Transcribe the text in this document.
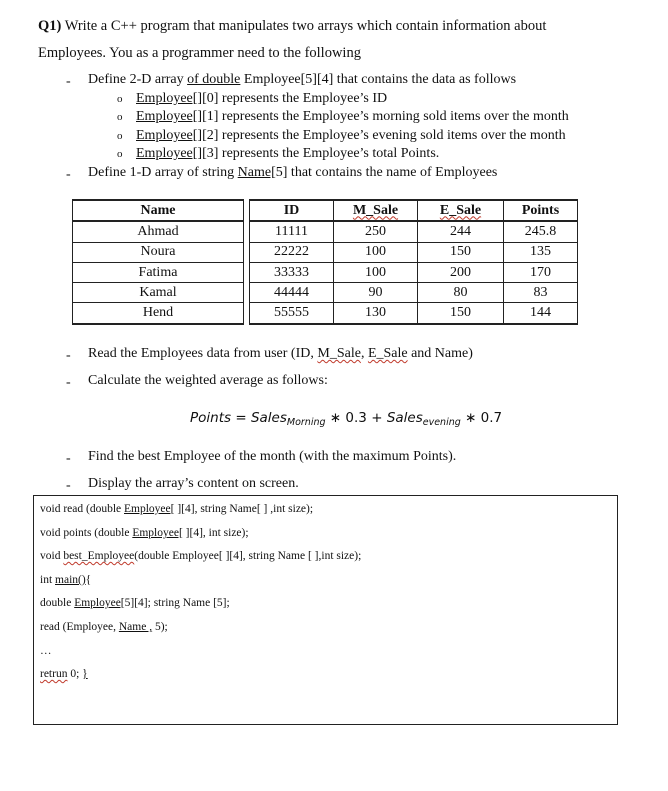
Q1) Write a C++ program that manipulates two arrays which contain information about
Employees. You as a programmer need to the following
- Define 2-D array of double Employee[5][4] that contains the data as follows
o Employee[][0] represents the Employee’s ID
o Employee[][1] represents the Employee’s morning sold items over the month
o Employee[][2] represents the Employee’s evening sold items over the month
o Employee[][3] represents the Employee’s total Points.
- Define 1-D array of string Name[5] that contains the name of Employees
Name		ID	M_Sale	E_Sale	Points
Ahmad		11111	250	244	245.8
Noura		22222	100	150	135
Fatima		33333	100	200	170
Kamal		44444	90	80	83
Hend		55555	130	150	144
- Read the Employees data from user (ID, M_Sale, E_Sale and Name)
- Calculate the weighted average as follows:
Points = Sales$_{Morning}$ ∗ 0.3 + Sales$_{evening}$ ∗ 0.7
- Find the best Employee of the month (with the maximum Points).
- Display the array’s content on screen.
void read (double Employee[ ][4], string Name[ ] ,int size);
void points (double Employee[ ][4], int size);
void best_Employee(double Employee[ ][4], string Name [ ],int size);
int main(){
double Employee[5][4]; string Name [5];
read (Employee, Name , 5);
…
retrun 0; }
